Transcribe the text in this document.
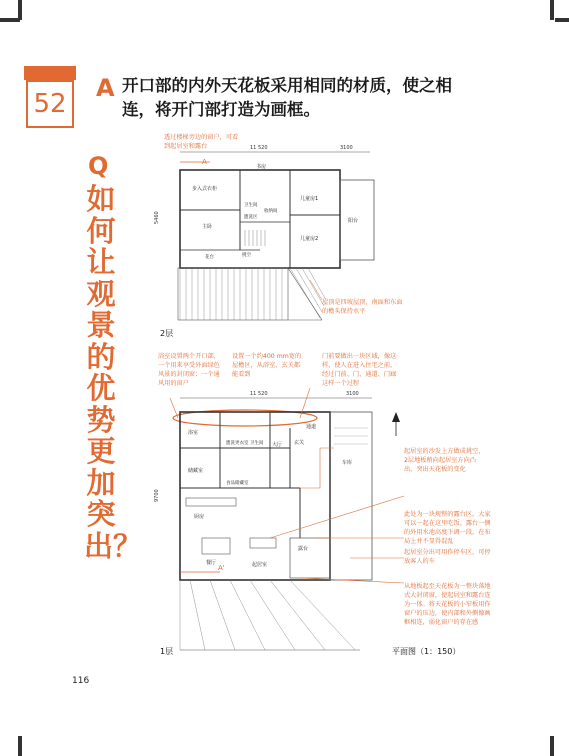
52
A 开口部的内外天花板采用相同的材质，使之相连，将开门部打造为画框。
Q
如何让观景的优势更加突出？
透过楼梯旁边的窗户，可看到起居室和露台
屋顶是四坡屋顶，南面和东面的檐头保持水平
2层
浴室设置两个开口部，一个用来享受外面绿色风景的封闭窗；一个通风用的窗户
设置一个约400 mm宽的屋檐区，从浴室、玄关都能看到
门前要做出一块区域，像这样，使人在进入住宅之前，经过门前、门、通道、门廊这样一个过程
起居室的沙发上方做成挑空，2层地板稍向起居室方向凸出，突出天花板的变化
此处为一块规整的露台区，大家可以一起在这里吃饭。露台一侧的外用水池高度下调一段，在布局上并不显得混乱
起居室分出可用作停车区，可停放客人的车
从地板起至天花板为一整块落地式大封闭窗，使起居室和露台连为一体。将天花板的小窄板用作窗户的压边，使内部和外侧像画框相连，弱化窗户的存在感
1层	平面图（1：150）
116
11 520	3100
5460
A
书房
步入式衣柜
主卧
儿童房1
儿童房2
阳台
卫生间
盥洗区
收纳间
挑空
花台
11 520	3100
9700
A'
浴室
盥洗更衣室 卫生间 大厅 玄关
通道
车库
储藏室
食品储藏室
厨房
餐厅	起居室
露台
